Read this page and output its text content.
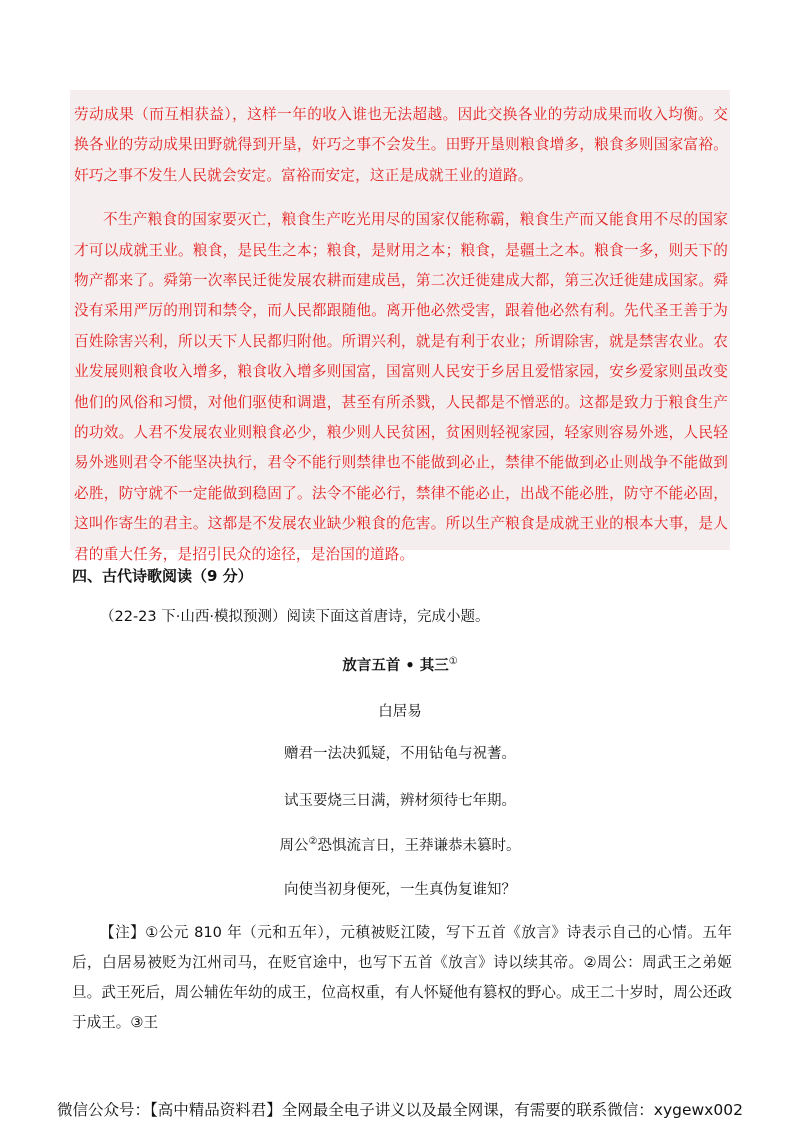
劳动成果（而互相获益），这样一年的收入谁也无法超越。因此交换各业的劳动成果而收入均衡。交换各业的劳动成果田野就得到开垦，奸巧之事不会发生。田野开垦则粮食增多，粮食多则国家富裕。奸巧之事不发生人民就会安定。富裕而安定，这正是成就王业的道路。

不生产粮食的国家要灭亡，粮食生产吃光用尽的国家仅能称霸，粮食生产而又能食用不尽的国家才可以成就王业。粮食，是民生之本；粮食，是财用之本；粮食，是疆土之本。粮食一多，则天下的物产都来了。舜第一次率民迁徙发展农耕而建成邑，第二次迁徙建成大都，第三次迁徙建成国家。舜没有采用严厉的刑罚和禁令，而人民都跟随他。离开他必然受害，跟着他必然有利。先代圣王善于为百姓除害兴利，所以天下人民都归附他。所谓兴利，就是有利于农业；所谓除害，就是禁害农业。农业发展则粮食收入增多，粮食收入增多则国富，国富则人民安于乡居且爱惜家园，安乡爱家则虽改变他们的风俗和习惯，对他们驱使和调遣，甚至有所杀戮，人民都是不憎恶的。这都是致力于粮食生产的功效。人君不发展农业则粮食必少，粮少则人民贫困，贫困则轻视家园，轻家则容易外逃，人民轻易外逃则君令不能坚决执行，君令不能行则禁律也不能做到必止，禁律不能做到必止则战争不能做到必胜，防守就不一定能做到稳固了。法令不能必行，禁律不能必止，出战不能必胜，防守不能必固，这叫作寄生的君主。这都是不发展农业缺少粮食的危害。所以生产粮食是成就王业的根本大事，是人君的重大任务，是招引民众的途径，是治国的道路。

四、古代诗歌阅读（9 分）

（22-23 下·山西·模拟预测）阅读下面这首唐诗，完成小题。

放言五首 • 其三①

白居易

赠君一法决狐疑，不用钻龟与祝蓍。

试玉要烧三日满，辨材须待七年期。

周公②恐惧流言日，王莽谦恭未篡时。

向使当初身便死，一生真伪复谁知？

【注】①公元 810 年（元和五年），元稹被贬江陵，写下五首《放言》诗表示自己的心情。五年后，白居易被贬为江州司马，在贬官途中，也写下五首《放言》诗以续其帝。②周公：周武王之弟姬旦。武王死后，周公辅佐年幼的成王，位高权重，有人怀疑他有篡权的野心。成王二十岁时，周公还政于成王。③王

微信公众号：【高中精品资料君】全网最全电子讲义以及最全网课，有需要的联系微信：xygewx002
